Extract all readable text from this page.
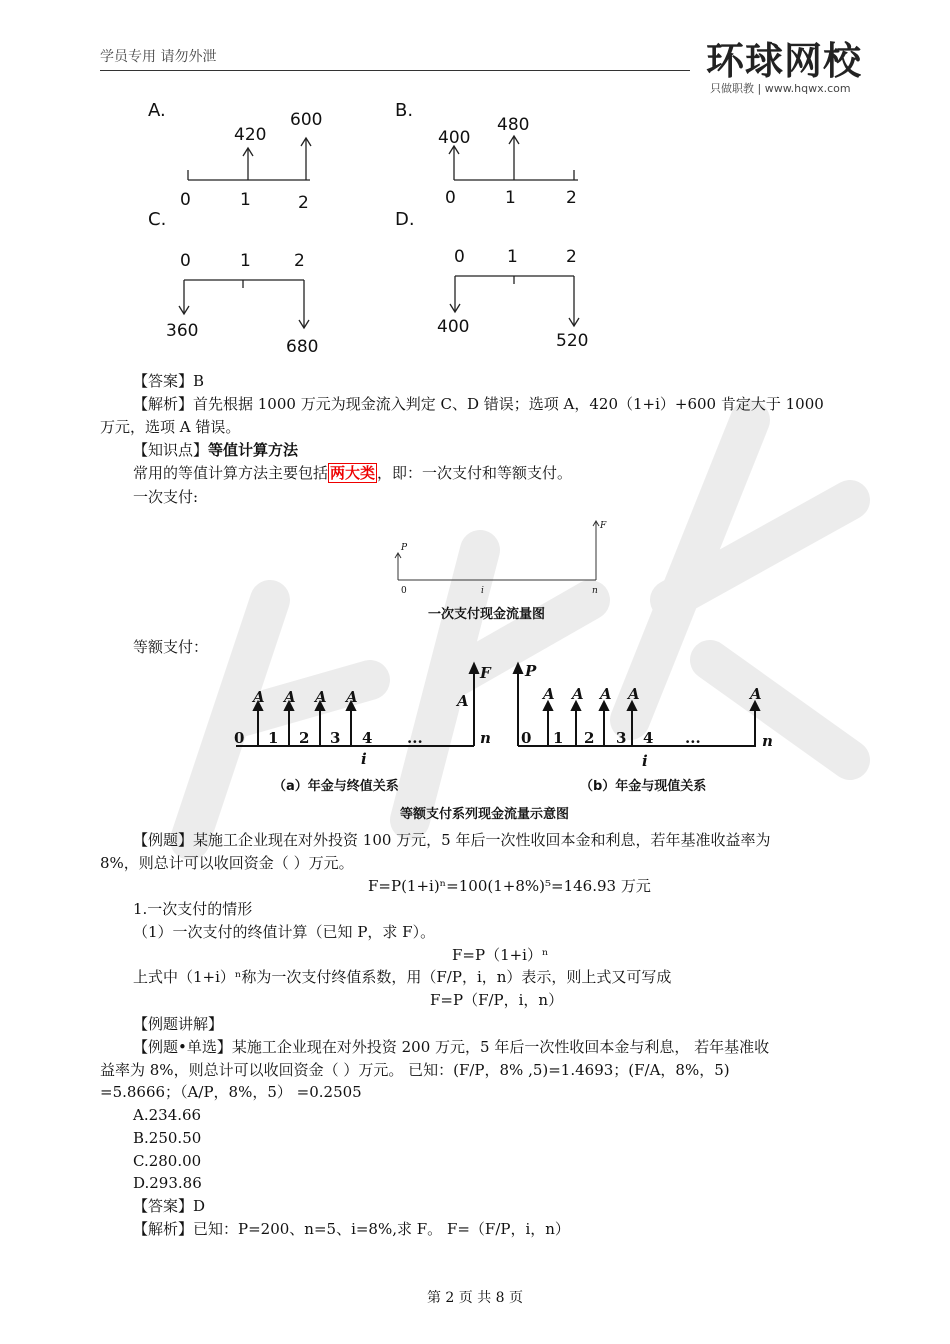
学员专用 请勿外泄	环球网校
只做职教 | www.hqwx.com
A.
420
600
0	1	2
B.
400
480
0	1	2
C.
0	1	2
360
680
D.
0 1	2
400
520
【答案】B
【解析】首先根据 1000 万元为现金流入判定 C、D 错误；选项 A，420（1+i）+600 肯定大于 1000
万元，选项 A 错误。
【知识点】等值计算方法
常用的等值计算方法主要包括 两大类 ，即：一次支付和等额支付。
一次支付:
P
F
0	i	n
一次支付现金流量图
等额支付：
F
A A A A	A
0 1 2 3 4 ...	n
i
（a）年金与终值关系
P
A A A A	A
0 1 2 3 4 ...	n
i
（b）年金与现值关系
等额支付系列现金流量示意图
【例题】某施工企业现在对外投资 100 万元，5 年后一次性收回本金和利息，若年基准收益率为
8%，则总计可以收回资金（ ）万元。
F=P(1+i)ⁿ=100(1+8%)⁵=146.93 万元
1.一次支付的情形
（1）一次支付的终值计算（已知 P，求 F）。
F=P（1+i）ⁿ
上式中（1+i）ⁿ称为一次支付终值系数，用（F/P，i，n）表示，则上式又可写成
F=P（F/P，i，n）
【例题讲解】
【例题•单选】某施工企业现在对外投资 200 万元，5 年后一次性收回本金与利息， 若年基准收
益率为 8%，则总计可以收回资金（ ）万元。 已知：(F/P，8% ,5)=1.4693；(F/A，8%，5)
=5.8666；（A/P，8%，5） =0.2505
A.234.66
B.250.50
C.280.00
D.293.86
【答案】D
【解析】已知：P=200、n=5、i=8%,求 F。 F=（F/P，i，n）
第 2 页 共 8 页
